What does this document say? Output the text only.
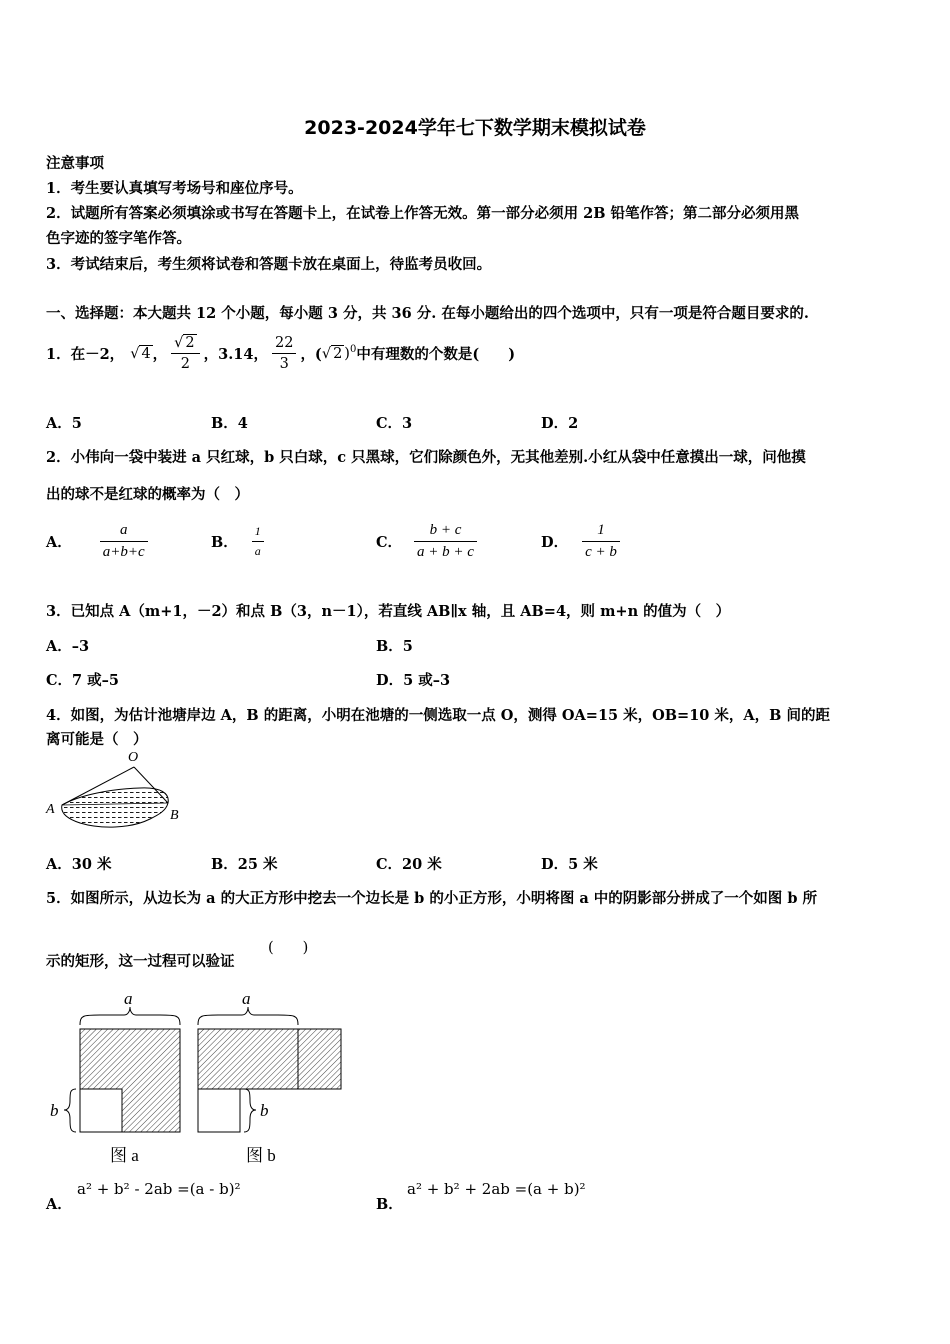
2023-2024学年七下数学期末模拟试卷
注意事项
1．考生要认真填写考场号和座位序号。
2．试题所有答案必须填涂或书写在答题卡上，在试卷上作答无效。第一部分必须用 2B 铅笔作答；第二部分必须用黑
色字迹的签字笔作答。
3．考试结束后，考生须将试卷和答题卡放在桌面上，待监考员收回。
一、选择题：本大题共 12 个小题，每小题 3 分，共 36 分. 在每小题给出的四个选项中，只有一项是符合题目要求的.
1．在－2， √ 4 ， $\frac{√ 2}{2}$ ，3.14， $\frac{22}{3}$ ，( √ 2 )$^0$ 中有理数的个数是(　　)
A．5	B．4	C．3	D．2
2．小伟向一袋中装进 a 只红球，b 只白球，c 只黑球，它们除颜色外，无其他差别.小红从袋中任意摸出一球，问他摸
出的球不是红球的概率为（　）
A． $\frac{a}{a+b+c}$	B． $\frac{1}{a}$	C． $\frac{b + c}{a + b + c}$	D． $\frac{1}{c + b}$
3．已知点 A（m+1，－2）和点 B（3，n－1），若直线 AB∥x 轴，且 AB=4，则 m+n 的值为（　）
A．–3	B．5
C．7 或–5	D．5 或–3
4．如图，为估计池塘岸边 A，B 的距离，小明在池塘的一侧选取一点 O，测得 OA=15 米，OB=10 米，A，B 间的距
离可能是（　）
O
A	B
A．30 米	B．25 米	C．20 米	D．5 米
5．如图所示，从边长为 a 的大正方形中挖去一个边长是 b 的小正方形，小明将图 a 中的阴影部分拼成了一个如图 b 所
示的矩形，这一过程可以验证
(　　)
a
b
图 a
a
b
图 b
A．
a² + b² - 2ab =(a - b)²
B．
a² + b² + 2ab =(a + b)²
